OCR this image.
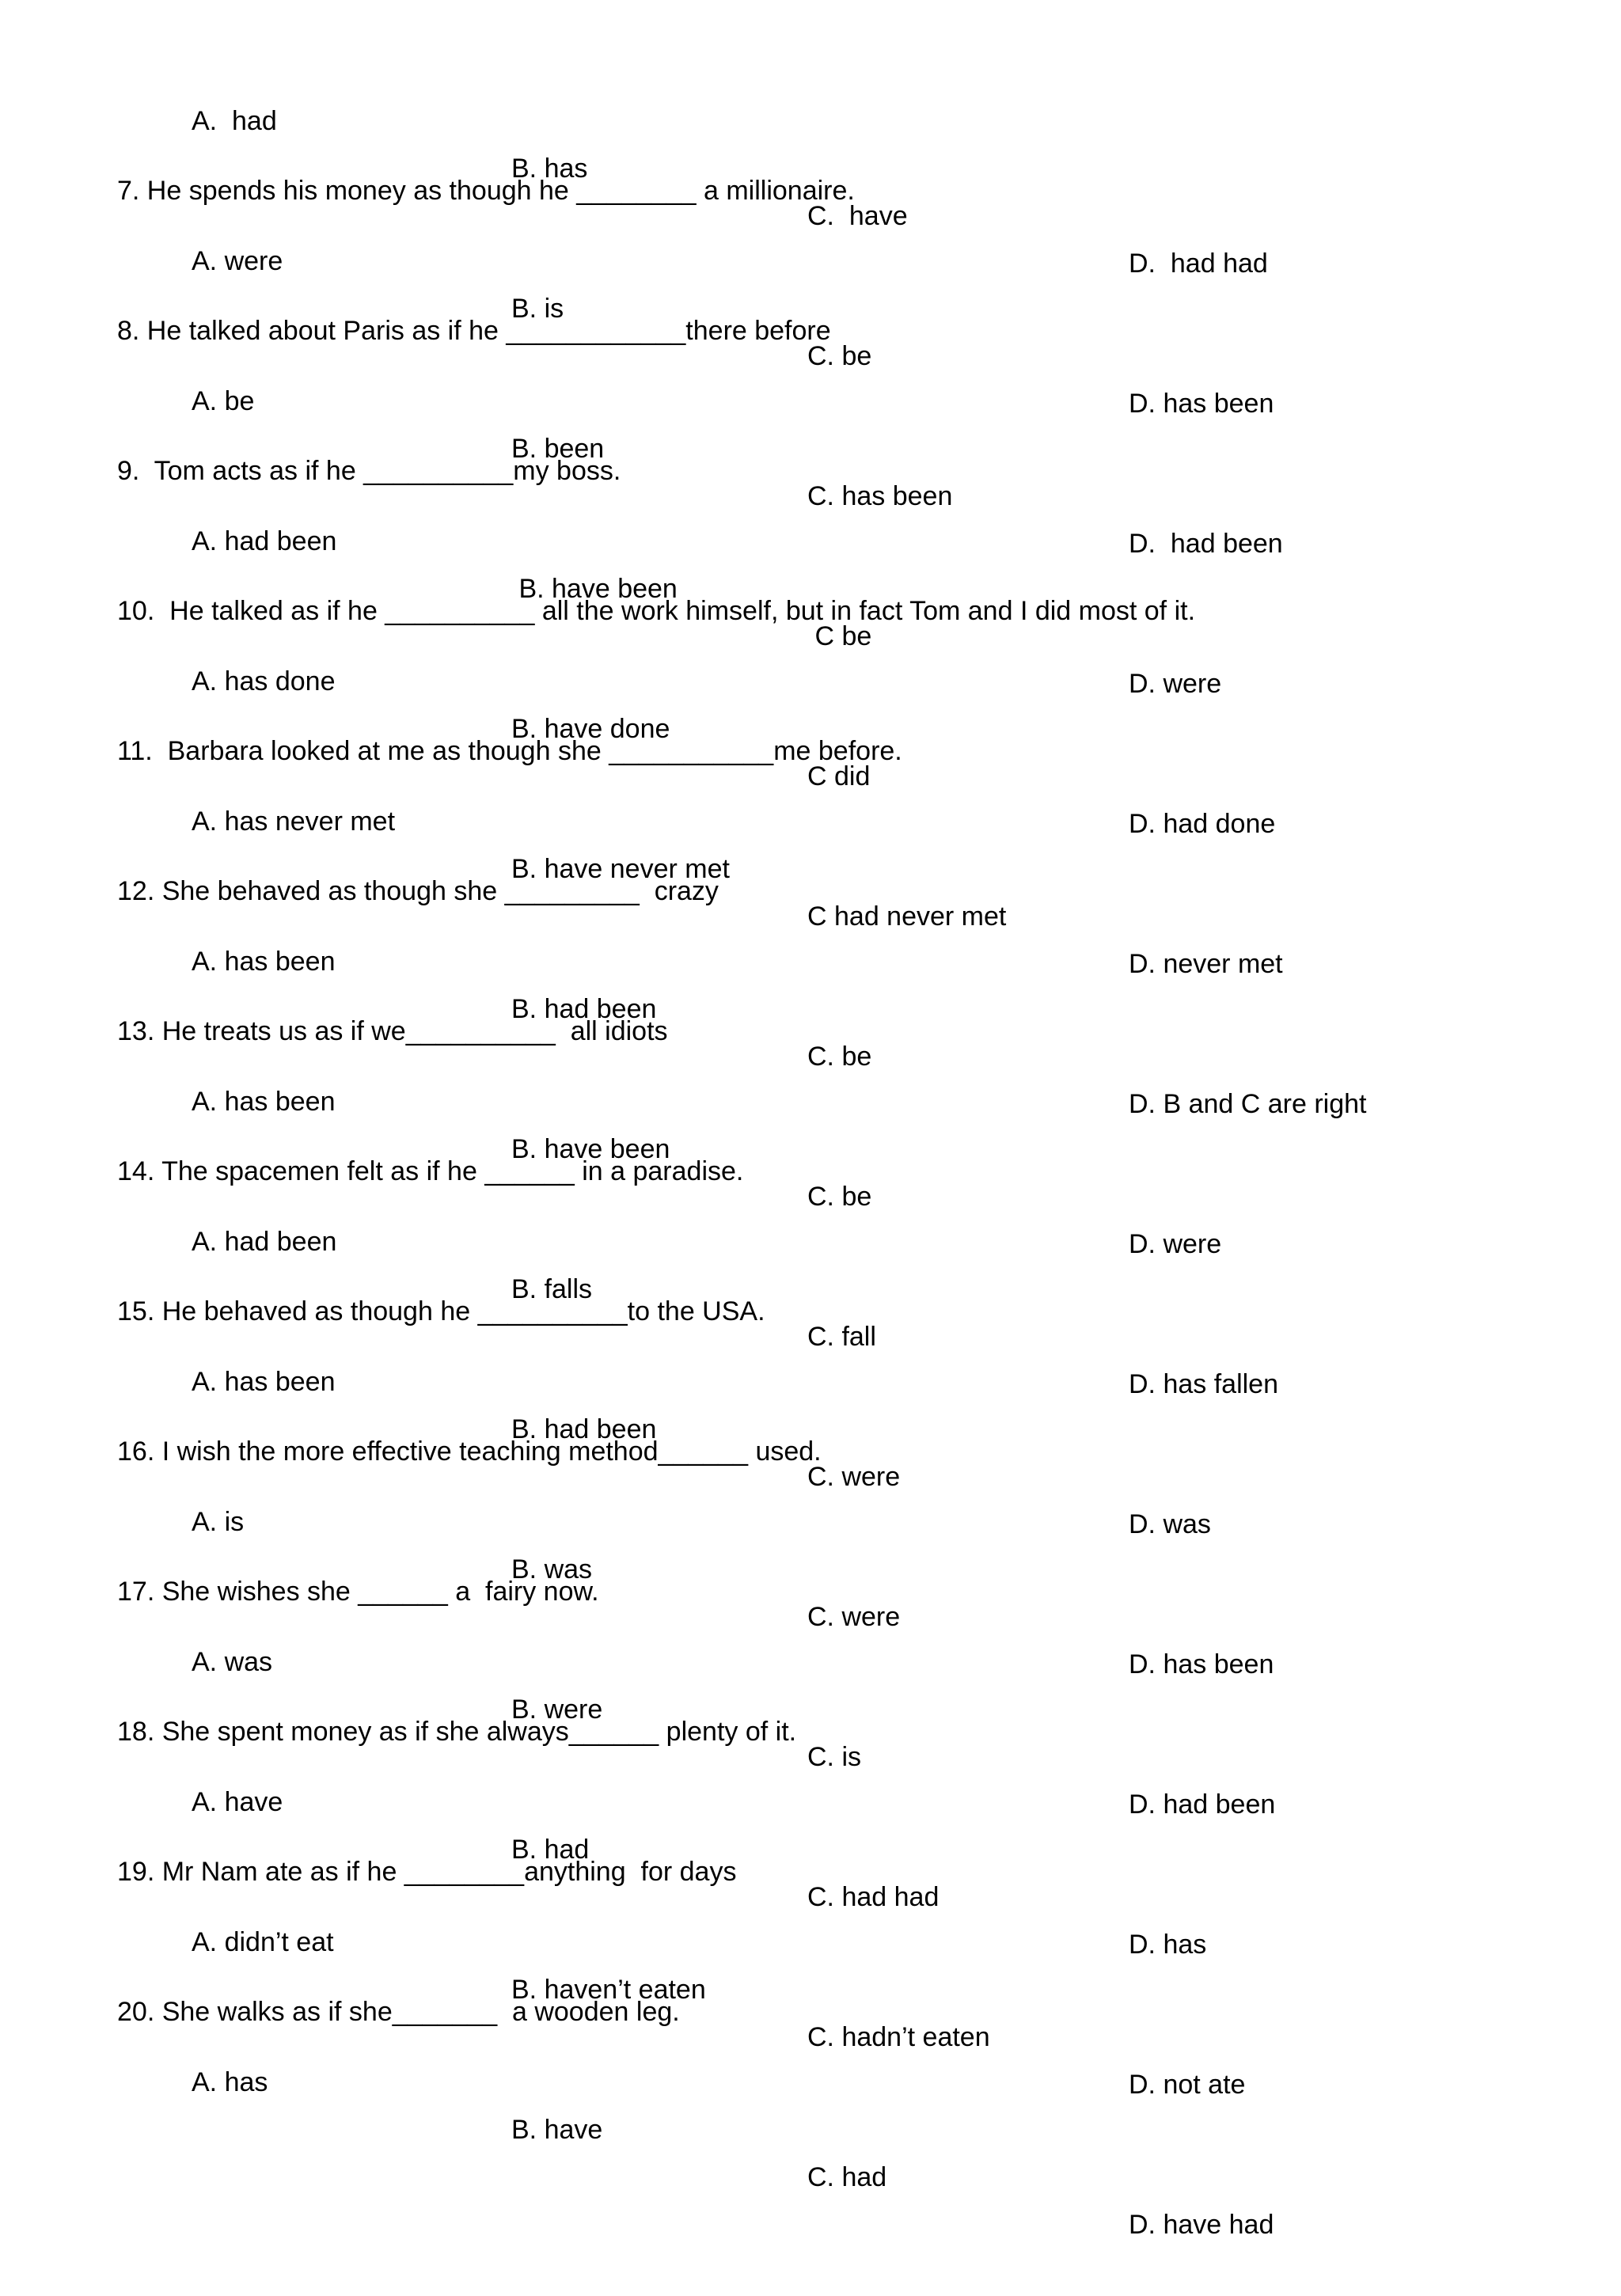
A.  had

B. has

C.  have

D.  had had

7. He spends his money as though he ________ a millionaire.

A. were

B. is

C. be

D. has been

8. He talked about Paris as if he ____________there before

A. be

B. been

C. has been

D.  had been

9.  Tom acts as if he __________my boss.

A. had been

B. have been

C be

D. were

10.  He talked as if he __________ all the work himself, but in fact Tom and I did most of it.

A. has done

B. have done

C did

D. had done

11.  Barbara looked at me as though she ___________me before.

A. has never met

B. have never met

C had never met

D. never met

12. She behaved as though she _________  crazy

A. has been

B. had been

C. be

D. B and C are right

13. He treats us as if we__________  all idiots

A. has been

B. have been

C. be

D. were

14. The spacemen felt as if he ______ in a paradise.

A. had been

B. falls

C. fall

D. has fallen

15. He behaved as though he __________to the USA.

A. has been

B. had been

C. were

D. was

16. I wish the more effective teaching method______ used.

A. is

B. was

C. were

D. has been

17. She wishes she ______ a  fairy now.

A. was

B. were

C. is

D. had been

18. She spent money as if she always______ plenty of it.

A. have

B. had

C. had had

D. has

19. Mr Nam ate as if he ________anything  for days

A. didn’t eat

B. haven’t eaten

C. hadn’t eaten

D. not ate

20. She walks as if she_______  a wooden leg.

A. has

B. have

C. had

D. have had
